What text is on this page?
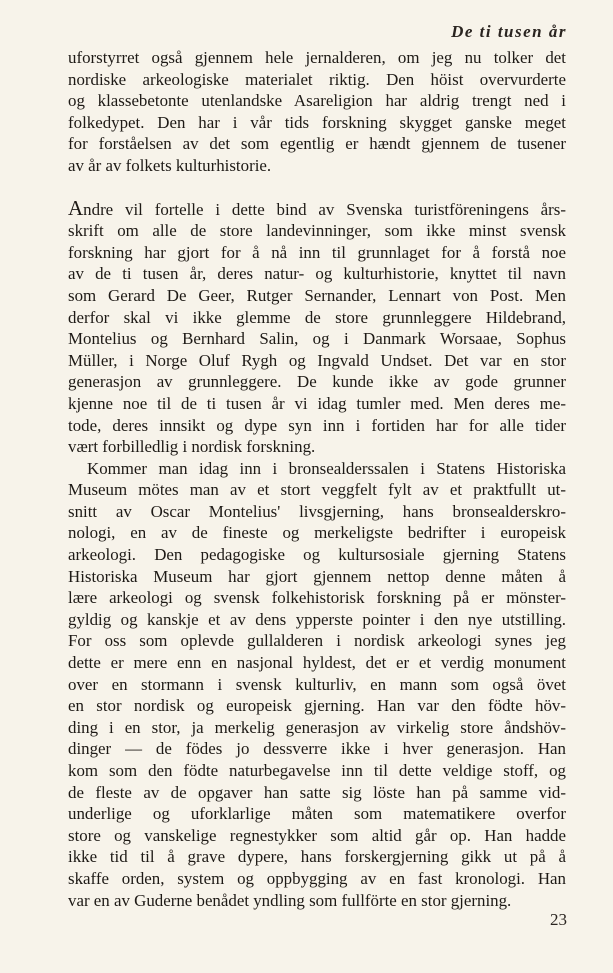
De ti tusen år
uforstyrret også gjennem hele jernalderen, om jeg nu tolker det
nordiske arkeologiske materialet riktig. Den höist overvurderte
og klassebetonte utenlandske Asareligion har aldrig trengt ned i
folkedypet. Den har i vår tids forskning skygget ganske meget
for forståelsen av det som egentlig er hændt gjennem de tusener
av år av folkets kulturhistorie.
Andre vil fortelle i dette bind av Svenska turistföreningens års-
skrift om alle de store landevinninger, som ikke minst svensk
forskning har gjort for å nå inn til grunnlaget for å forstå noe
av de ti tusen år, deres natur- og kulturhistorie, knyttet til navn
som Gerard De Geer, Rutger Sernander, Lennart von Post. Men
derfor skal vi ikke glemme de store grunnleggere Hildebrand,
Montelius og Bernhard Salin, og i Danmark Worsaae, Sophus
Müller, i Norge Oluf Rygh og Ingvald Undset. Det var en stor
generasjon av grunnleggere. De kunde ikke av gode grunner
kjenne noe til de ti tusen år vi idag tumler med. Men deres me-
tode, deres innsikt og dype syn inn i fortiden har for alle tider
vært forbilledlig i nordisk forskning.
Kommer man idag inn i bronsealderssalen i Statens Historiska
Museum mötes man av et stort veggfelt fylt av et praktfullt ut-
snitt av Oscar Montelius' livsgjerning, hans bronsealderskro-
nologi, en av de fineste og merkeligste bedrifter i europeisk
arkeologi. Den pedagogiske og kultursosiale gjerning Statens
Historiska Museum har gjort gjennem nettop denne måten å
lære arkeologi og svensk folkehistorisk forskning på er mönster-
gyldig og kanskje et av dens ypperste pointer i den nye utstilling.
For oss som oplevde gullalderen i nordisk arkeologi synes jeg
dette er mere enn en nasjonal hyldest, det er et verdig monument
over en stormann i svensk kulturliv, en mann som også övet
en stor nordisk og europeisk gjerning. Han var den födte höv-
ding i en stor, ja merkelig generasjon av virkelig store åndshöv-
dinger — de födes jo dessverre ikke i hver generasjon. Han
kom som den födte naturbegavelse inn til dette veldige stoff, og
de fleste av de opgaver han satte sig löste han på samme vid-
underlige og uforklarlige måten som matematikere overfor
store og vanskelige regnestykker som altid går op. Han hadde
ikke tid til å grave dypere, hans forskergjerning gikk ut på å
skaffe orden, system og oppbygging av en fast kronologi. Han
var en av Guderne benådet yndling som fullförte en stor gjerning.
23
